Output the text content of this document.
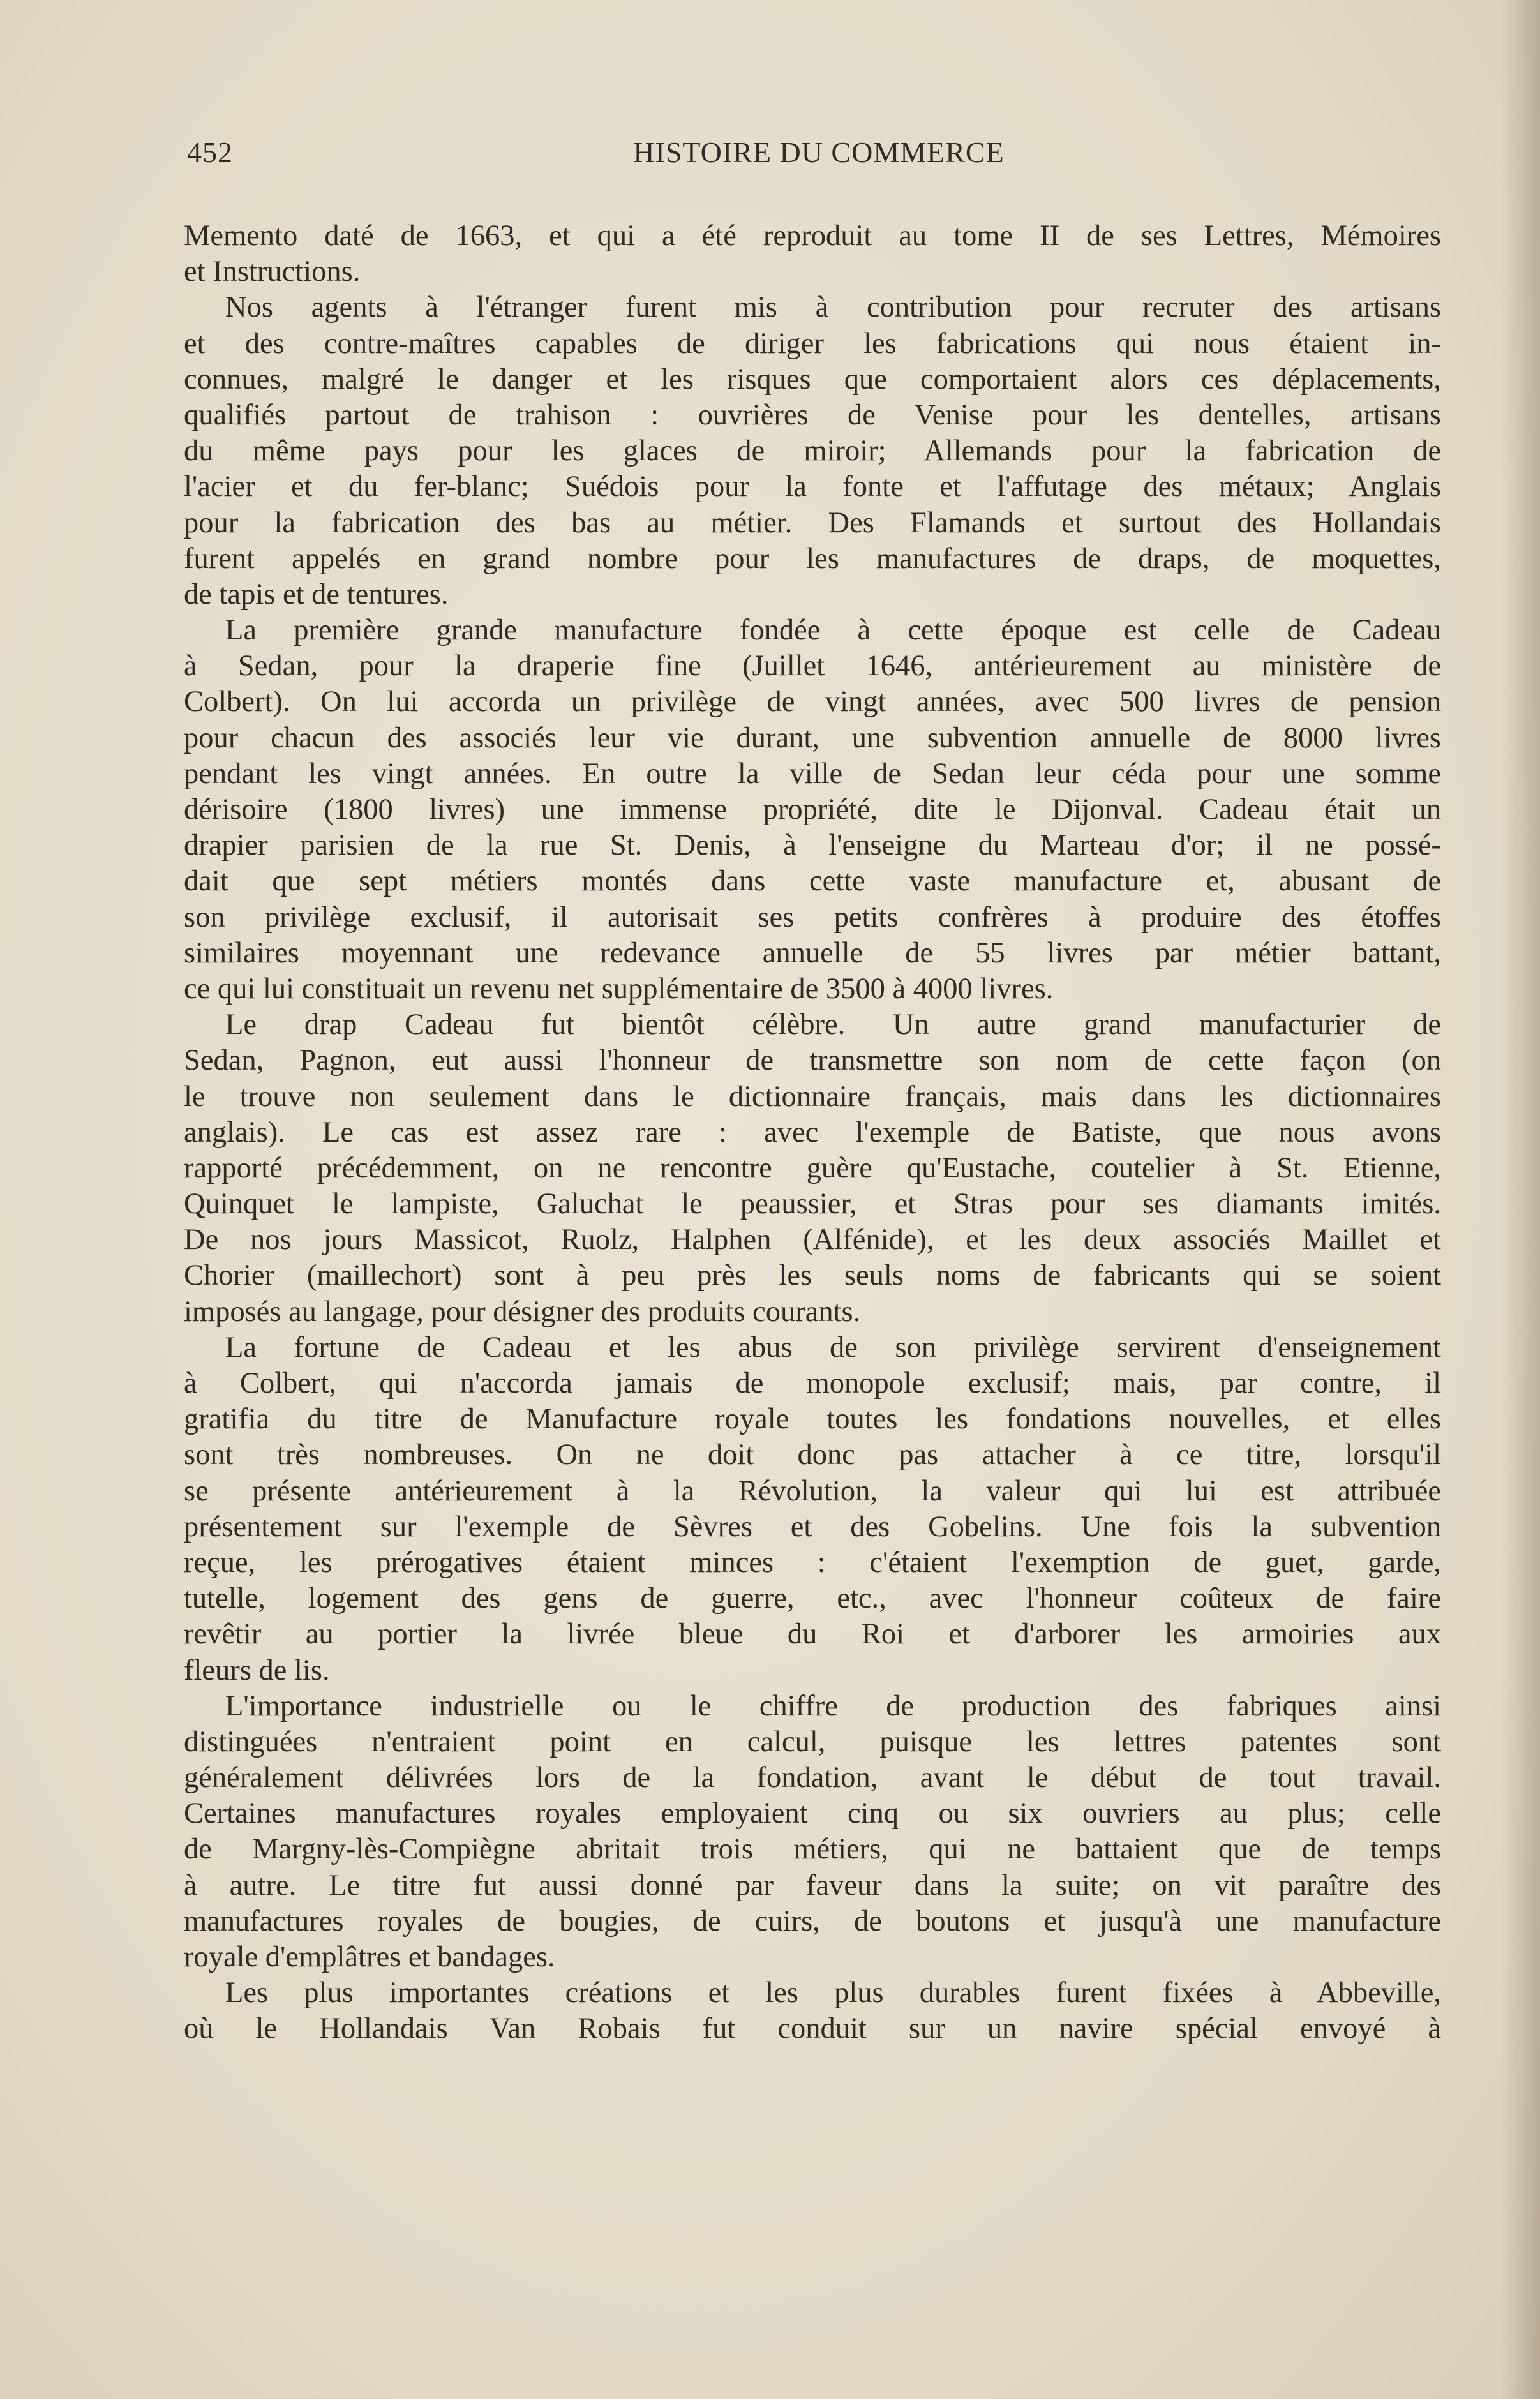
452	HISTOIRE DU COMMERCE
Memento daté de 1663, et qui a été reproduit au tome II de ses Lettres, Mémoires
et Instructions.
Nos agents à l'étranger furent mis à contribution pour recruter des artisans
et des contre-maîtres capables de diriger les fabrications qui nous étaient in-
connues, malgré le danger et les risques que comportaient alors ces déplacements,
qualifiés partout de trahison : ouvrières de Venise pour les dentelles, artisans
du même pays pour les glaces de miroir; Allemands pour la fabrication de
l'acier et du fer-blanc; Suédois pour la fonte et l'affutage des métaux; Anglais
pour la fabrication des bas au métier. Des Flamands et surtout des Hollandais
furent appelés en grand nombre pour les manufactures de draps, de moquettes,
de tapis et de tentures.
La première grande manufacture fondée à cette époque est celle de Cadeau
à Sedan, pour la draperie fine (Juillet 1646, antérieurement au ministère de
Colbert). On lui accorda un privilège de vingt années, avec 500 livres de pension
pour chacun des associés leur vie durant, une subvention annuelle de 8000 livres
pendant les vingt années. En outre la ville de Sedan leur céda pour une somme
dérisoire (1800 livres) une immense propriété, dite le Dijonval. Cadeau était un
drapier parisien de la rue St. Denis, à l'enseigne du Marteau d'or; il ne possé-
dait que sept métiers montés dans cette vaste manufacture et, abusant de
son privilège exclusif, il autorisait ses petits confrères à produire des étoffes
similaires moyennant une redevance annuelle de 55 livres par métier battant,
ce qui lui constituait un revenu net supplémentaire de 3500 à 4000 livres.
Le drap Cadeau fut bientôt célèbre. Un autre grand manufacturier de
Sedan, Pagnon, eut aussi l'honneur de transmettre son nom de cette façon (on
le trouve non seulement dans le dictionnaire français, mais dans les dictionnaires
anglais). Le cas est assez rare : avec l'exemple de Batiste, que nous avons
rapporté précédemment, on ne rencontre guère qu'Eustache, coutelier à St. Etienne,
Quinquet le lampiste, Galuchat le peaussier, et Stras pour ses diamants imités.
De nos jours Massicot, Ruolz, Halphen (Alfénide), et les deux associés Maillet et
Chorier (maillechort) sont à peu près les seuls noms de fabricants qui se soient
imposés au langage, pour désigner des produits courants.
La fortune de Cadeau et les abus de son privilège servirent d'enseignement
à Colbert, qui n'accorda jamais de monopole exclusif; mais, par contre, il
gratifia du titre de Manufacture royale toutes les fondations nouvelles, et elles
sont très nombreuses. On ne doit donc pas attacher à ce titre, lorsqu'il
se présente antérieurement à la Révolution, la valeur qui lui est attribuée
présentement sur l'exemple de Sèvres et des Gobelins. Une fois la subvention
reçue, les prérogatives étaient minces : c'étaient l'exemption de guet, garde,
tutelle, logement des gens de guerre, etc., avec l'honneur coûteux de faire
revêtir au portier la livrée bleue du Roi et d'arborer les armoiries aux
fleurs de lis.
L'importance industrielle ou le chiffre de production des fabriques ainsi
distinguées n'entraient point en calcul, puisque les lettres patentes sont
généralement délivrées lors de la fondation, avant le début de tout travail.
Certaines manufactures royales employaient cinq ou six ouvriers au plus; celle
de Margny-lès-Compiègne abritait trois métiers, qui ne battaient que de temps
à autre. Le titre fut aussi donné par faveur dans la suite; on vit paraître des
manufactures royales de bougies, de cuirs, de boutons et jusqu'à une manufacture
royale d'emplâtres et bandages.
Les plus importantes créations et les plus durables furent fixées à Abbeville,
où le Hollandais Van Robais fut conduit sur un navire spécial envoyé à
